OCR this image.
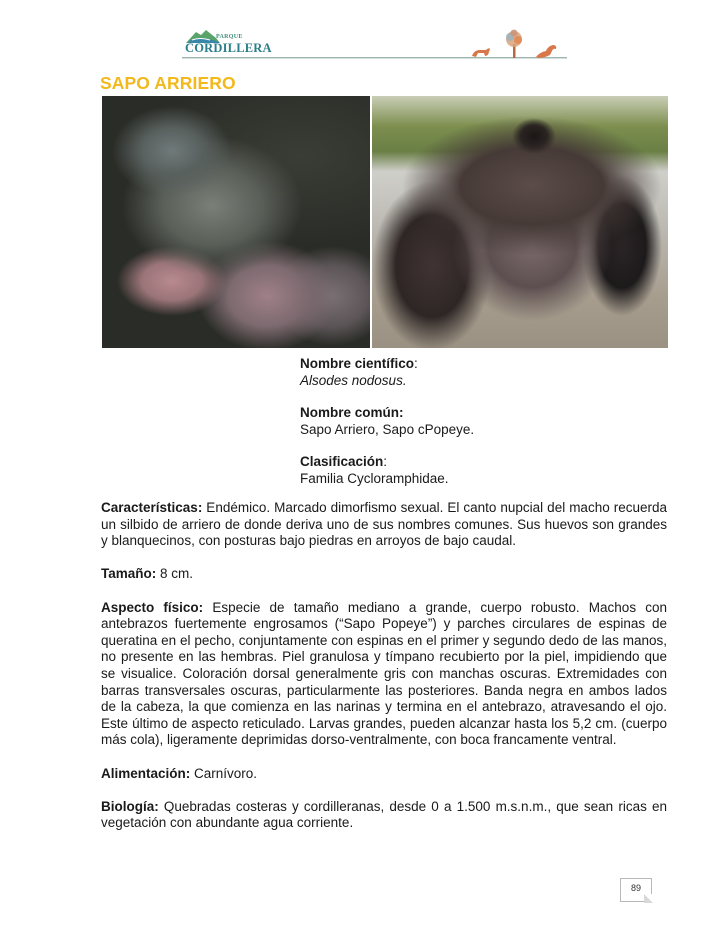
PARQUE
CORDILLERA
SAPO ARRIERO
Nombre científico:
Alsodes nodosus.
Nombre común:
Sapo Arriero, Sapo cPopeye.
Clasificación:
Familia Cycloramphidae.

Características: Endémico. Marcado dimorfismo sexual. El canto nupcial del macho recuerda un silbido de arriero de donde deriva uno de sus nombres comunes. Sus huevos son grandes y blanquecinos, con posturas bajo piedras en arroyos de bajo caudal.

Tamaño: 8 cm.

Aspecto físico: Especie de tamaño mediano a grande, cuerpo robusto. Machos con antebrazos fuertemente engrosamos (“Sapo Popeye”) y parches circulares de espinas de queratina en el pecho, conjuntamente con espinas en el primer y segundo dedo de las manos, no presente en las hembras. Piel granulosa y tímpano recubierto por la piel, impidiendo que se visualice. Coloración dorsal generalmente gris con manchas oscuras. Extremidades con barras transversales oscuras, particularmente las posteriores. Banda negra en ambos lados de la cabeza, la que comienza en las narinas y termina en el antebrazo, atravesando el ojo. Este último de aspecto reticulado. Larvas grandes, pueden alcanzar hasta los 5,2 cm. (cuerpo más cola), ligeramente deprimidas dorso-ventralmente, con boca francamente ventral.

Alimentación: Carnívoro.

Biología: Quebradas costeras y cordilleranas, desde 0 a 1.500 m.s.n.m., que sean ricas en vegetación con abundante agua corriente.

89
